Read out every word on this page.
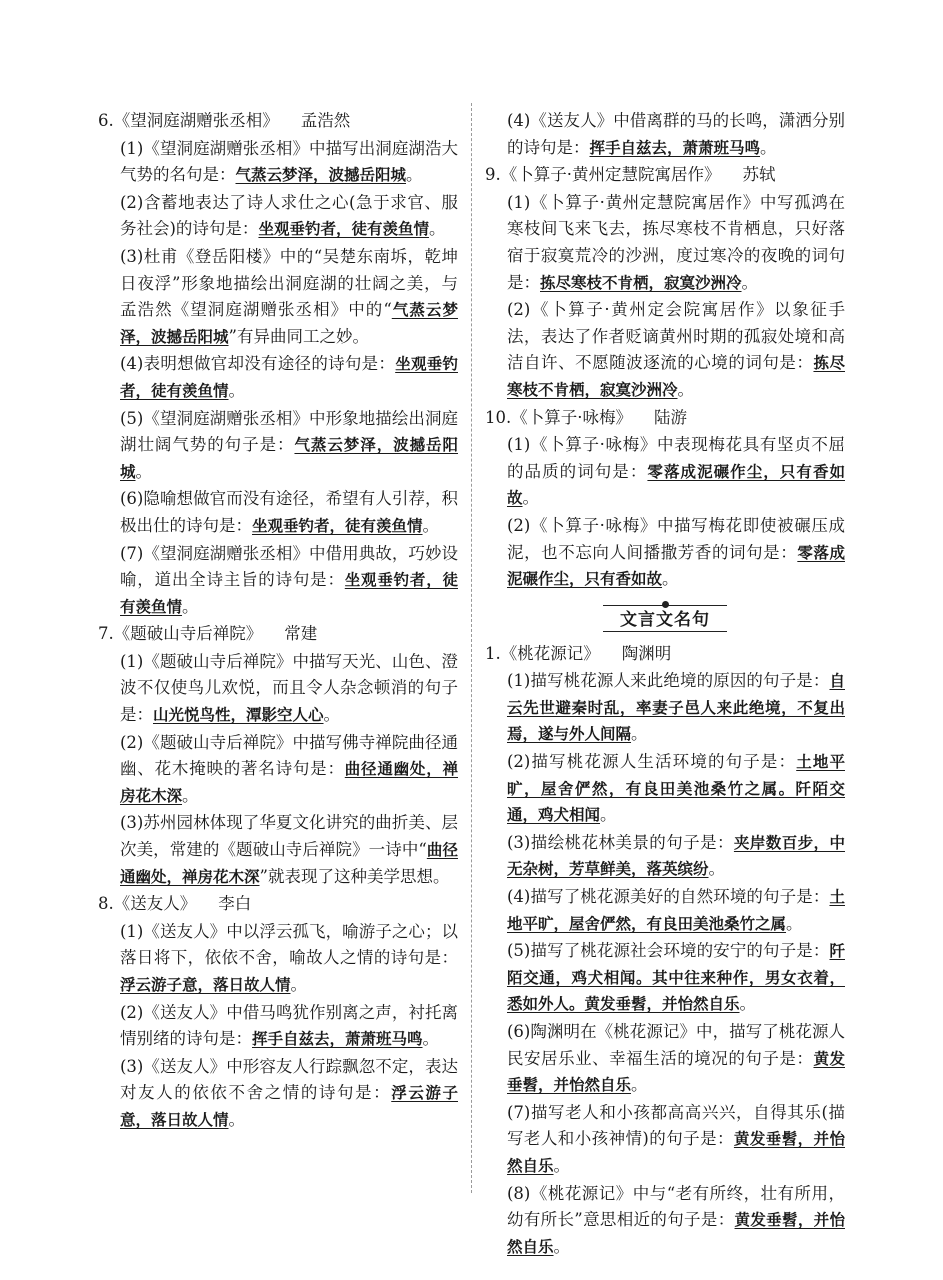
6.《望洞庭湖赠张丞相》 孟浩然

(1)《望洞庭湖赠张丞相》中描写出洞庭湖浩大气势的名句是：气蒸云梦泽，波撼岳阳城。

(2)含蓄地表达了诗人求仕之心(急于求官、服务社会)的诗句是：坐观垂钓者，徒有羡鱼情。

(3)杜甫《登岳阳楼》中的“吴楚东南坼，乾坤日夜浮”形象地描绘出洞庭湖的壮阔之美，与孟浩然《望洞庭湖赠张丞相》中的“气蒸云梦泽，波撼岳阳城”有异曲同工之妙。

(4)表明想做官却没有途径的诗句是：坐观垂钓者，徒有羡鱼情。

(5)《望洞庭湖赠张丞相》中形象地描绘出洞庭湖壮阔气势的句子是：气蒸云梦泽，波撼岳阳城。

(6)隐喻想做官而没有途径，希望有人引荐，积极出仕的诗句是：坐观垂钓者，徒有羡鱼情。

(7)《望洞庭湖赠张丞相》中借用典故，巧妙设喻，道出全诗主旨的诗句是：坐观垂钓者，徒有羡鱼情。

7.《题破山寺后禅院》 常建

(1)《题破山寺后禅院》中描写天光、山色、澄波不仅使鸟儿欢悦，而且令人杂念顿消的句子是：山光悦鸟性，潭影空人心。

(2)《题破山寺后禅院》中描写佛寺禅院曲径通幽、花木掩映的著名诗句是：曲径通幽处，禅房花木深。

(3)苏州园林体现了华夏文化讲究的曲折美、层次美，常建的《题破山寺后禅院》一诗中“曲径通幽处，禅房花木深”就表现了这种美学思想。

8.《送友人》 李白

(1)《送友人》中以浮云孤飞，喻游子之心；以落日将下，依依不舍，喻故人之情的诗句是：浮云游子意，落日故人情。

(2)《送友人》中借马鸣犹作别离之声，衬托离情别绪的诗句是：挥手自兹去，萧萧班马鸣。

(3)《送友人》中形容友人行踪飘忽不定，表达对友人的依依不舍之情的诗句是：浮云游子意，落日故人情。

(4)《送友人》中借离群的马的长鸣，潇洒分别的诗句是：挥手自兹去，萧萧班马鸣。

9.《卜算子·黄州定慧院寓居作》 苏轼

(1)《卜算子·黄州定慧院寓居作》中写孤鸿在寒枝间飞来飞去，拣尽寒枝不肯栖息，只好落宿于寂寞荒冷的沙洲，度过寒冷的夜晚的词句是：拣尽寒枝不肯栖，寂寞沙洲冷。

(2)《卜算子·黄州定会院寓居作》以象征手法，表达了作者贬谪黄州时期的孤寂处境和高洁自许、不愿随波逐流的心境的词句是：拣尽寒枝不肯栖，寂寞沙洲冷。

10.《卜算子·咏梅》 陆游

(1)《卜算子·咏梅》中表现梅花具有坚贞不屈的品质的词句是：零落成泥碾作尘，只有香如故。

(2)《卜算子·咏梅》中描写梅花即使被碾压成泥，也不忘向人间播撒芳香的词句是：零落成泥碾作尘，只有香如故。

文言文名句
1.《桃花源记》 陶渊明

(1)描写桃花源人来此绝境的原因的句子是：自云先世避秦时乱，率妻子邑人来此绝境，不复出焉，遂与外人间隔。

(2)描写桃花源人生活环境的句子是：土地平旷，屋舍俨然，有良田美池桑竹之属。阡陌交通，鸡犬相闻。

(3)描绘桃花林美景的句子是：夹岸数百步，中无杂树，芳草鲜美，落英缤纷。

(4)描写了桃花源美好的自然环境的句子是：土地平旷，屋舍俨然，有良田美池桑竹之属。

(5)描写了桃花源社会环境的安宁的句子是：阡陌交通，鸡犬相闻。其中往来种作，男女衣着，悉如外人。黄发垂髫，并怡然自乐。

(6)陶渊明在《桃花源记》中，描写了桃花源人民安居乐业、幸福生活的境况的句子是：黄发垂髫，并怡然自乐。

(7)描写老人和小孩都高高兴兴，自得其乐(描写老人和小孩神情)的句子是：黄发垂髫，并怡然自乐。

(8)《桃花源记》中与“老有所终，壮有所用，幼有所长”意思相近的句子是：黄发垂髫，并怡然自乐。
